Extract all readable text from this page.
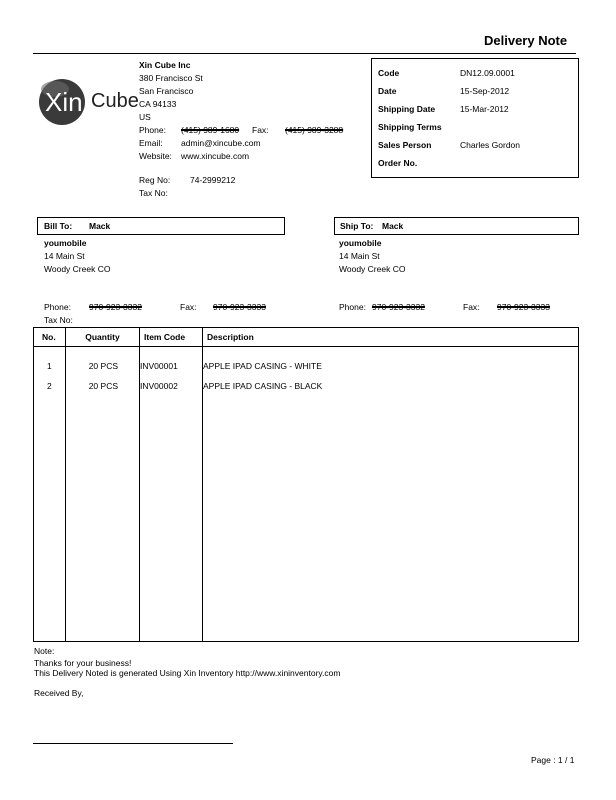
Delivery Note
Xin Cube
Xin Cube Inc
380 Francisco St
San Francisco
CA 94133
US
Phone: (415) 989-1680 Fax: (415) 989-3288
Email: admin@xincube.com
Website: www.xincube.com
Reg No: 74-2999212
Tax No:
Code	DN12.09.0001
Date	15-Sep-2012
Shipping Date	15-Mar-2012
Shipping Terms
Sales Person	Charles Gordon
Order No.
Bill To: Mack
youmobile
14 Main St
Woody Creek CO
Phone: 970-923-3332	Fax: 970-923-3333
Tax No:
Ship To: Mack
youmobile
14 Main St
Woody Creek CO
Phone: 970-923-3332	Fax: 970-923-3333
No.	Quantity	Item Code	Description

1	20 PCS	INV00001	APPLE IPAD CASING - WHITE
2	20 PCS	INV00002	APPLE IPAD CASING - BLACK

Note:
Thanks for your business!
This Delivery Noted is generated Using Xin Inventory http://www.xininventory.com
Received By,
Page : 1 / 1
